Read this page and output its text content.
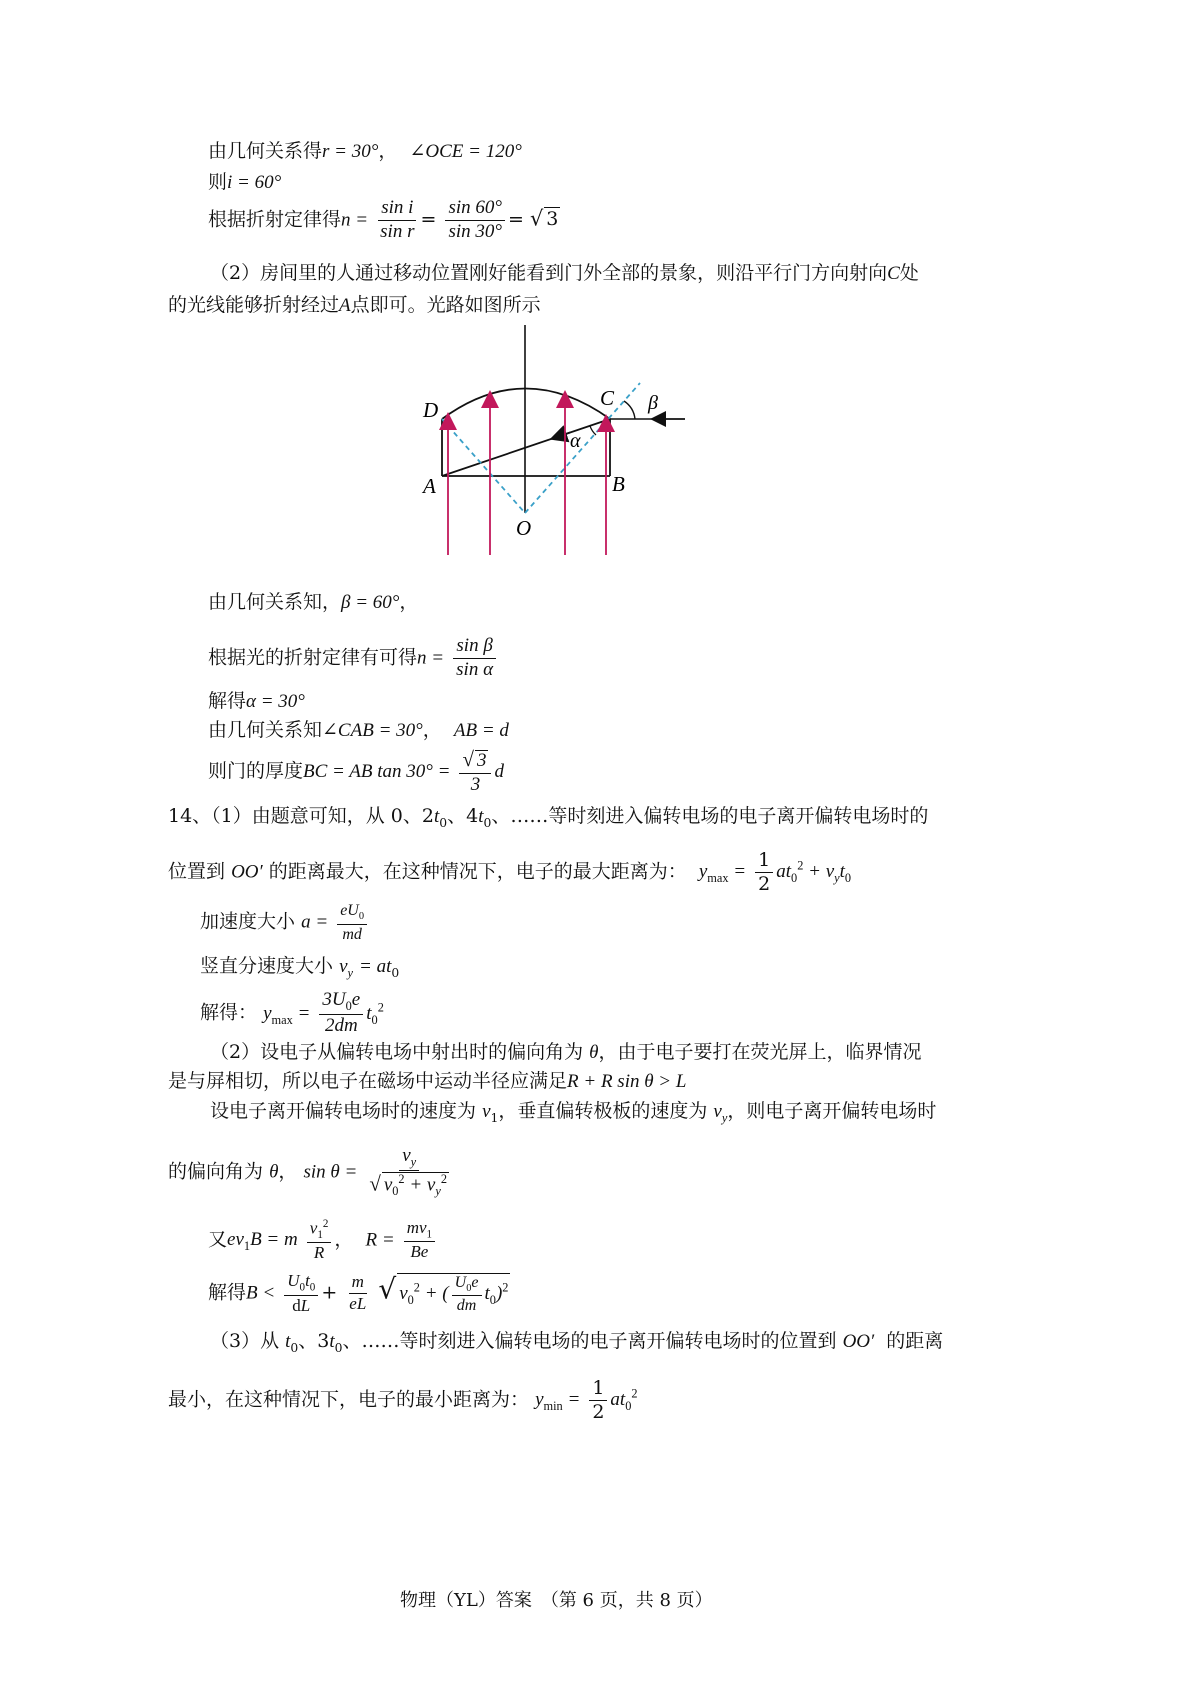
由几何关系得r = 30°， ∠OCE = 120°
则i = 60°
根据折射定律得$n = \frac{\text{sin i}}{\text{sin r}} = \frac{\sin 60^\circ}{\sin 30^\circ}$ = √ 3
（2）房间里的人通过移动位置刚好能看到门外全部的景象，则沿平行门方向射向C处
的光线能够折射经过A点即可。光路如图所示
D	C
A	B
O
α
β
由几何关系知，β = 60°，
根据光的折射定律有可得$n = \frac{\text{sin β}}{\text{sin α}}$
解得α = 30°
由几何关系知∠CAB = 30°， AB = d
则门的厚度BC = AB $\tan 30^\circ = \frac{√ 3}{3}$ d
14、（1）由题意可知，从 0、$2t_0$、$4t_0$、……等时刻进入偏转电场的电子离开偏转电场时的
位置到 OO′ 的距离最大，在这种情况下，电子的最大距离为： $y_{max} = \frac{1}{2} at_0^2 + v_yt_0$
加速度大小 $a = \frac{eU_0}{md}$
竖直分速度大小 $v_y = at_0$
解得： $y_{max} = \frac{3U_0e}{2dm} t_0^2$
（2）设电子从偏转电场中射出时的偏向角为 θ，由于电子要打在荧光屏上，临界情况
是与屏相切，所以电子在磁场中运动半径应满足R + R sin θ > L
设电子离开偏转电场时的速度为 $v_1$，垂直偏转极板的速度为 $v_y$，则电子离开偏转电场时
的偏向角为 θ， $\sin \theta = \frac{v_y}{√ v_0^2 + v_y^2}$
又$ev_1B = m \frac{v_1^2}{R}$ ， $R = \frac{mv_1}{Be}$
解得$B < \frac{U_0t_0}{dL} + \frac{m}{eL}$ √ $v_0^2$ + ( $\frac{U_0e}{dm} t_0)^2$
（3）从 $t_0$、$3t_0$、……等时刻进入偏转电场的电子离开偏转电场时的位置到 OO′ 的距离
最小，在这种情况下，电子的最小距离为： $y_{min} = \frac{1}{2} at_0^2$
物理（YL）答案　（第 6 页，共 8 页）
